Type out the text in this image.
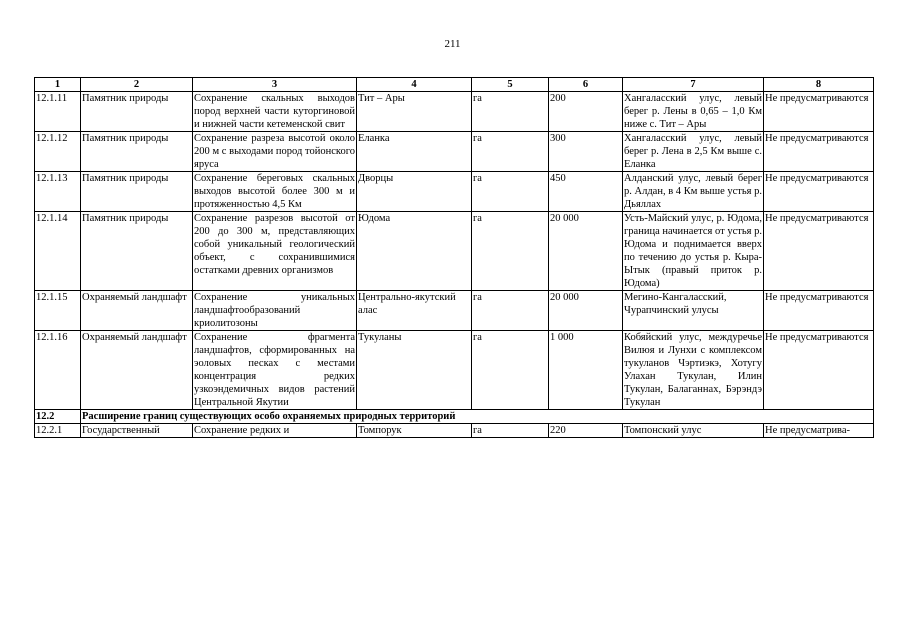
211
1	2	3	4	5	6	7	8
12.1.11	Памятник природы	Сохранение скальных выходов пород верхней части куторгиновой и нижней части кетеменской свит	Тит – Ары	га	200	Хангаласский улус, левый берег р. Лены в 0,65 – 1,0 Км ниже с. Тит – Ары	Не предусматриваются
12.1.12	Памятник природы	Сохранение разреза высотой около 200 м с выходами пород тойонского яруса	Еланка	га	300	Хангаласский улус, левый берег р. Лена в 2,5 Км выше с. Еланка	Не предусматриваются
12.1.13	Памятник природы	Сохранение береговых скальных выходов высотой более 300 м и протяженностью 4,5 Км	Дворцы	га	450	Алданский улус, левый берег р. Алдан, в 4 Км выше устья р. Дьяллах	Не предусматриваются
12.1.14	Памятник природы	Сохранение разрезов высотой от 200 до 300 м, представляющих собой уникальный геологический объект, с сохранившимися остатками древних организмов	Юдома	га	20 000	Усть-Майский улус, р. Юдома, граница начинается от устья р. Юдома и поднимается вверх по течению до устья р. Кыра-Ытык (правый приток р. Юдома)	Не предусматриваются
12.1.15	Охраняемый ландшафт	Сохранение уникальных ландшафтообразований криолитозоны	Центрально-якутский алас	га	20 000	Мегино-Кангаласский, Чурапчинский улусы	Не предусматриваются
12.1.16	Охраняемый ландшафт	Сохранение фрагмента ландшафтов, сформированных на эоловых песках с местами концентрация редких узкоэндемичных видов растений Центральной Якутии	Тукуланы	га	1 000	Кобяйский улус, междуречье Вилюя и Лунхи с комплексом тукуланов Чэртиэкэ, Хотугу Улахан Тукулан, Илин Тукулан, Балаганнах, Бэрэндэ Тукулан	Не предусматриваются
12.2	Расширение границ существующих особо охраняемых природных территорий						
12.2.1	Государственный	Сохранение редких и	Томпорук	га	220	Томпонский улус	Не предусматрива-
